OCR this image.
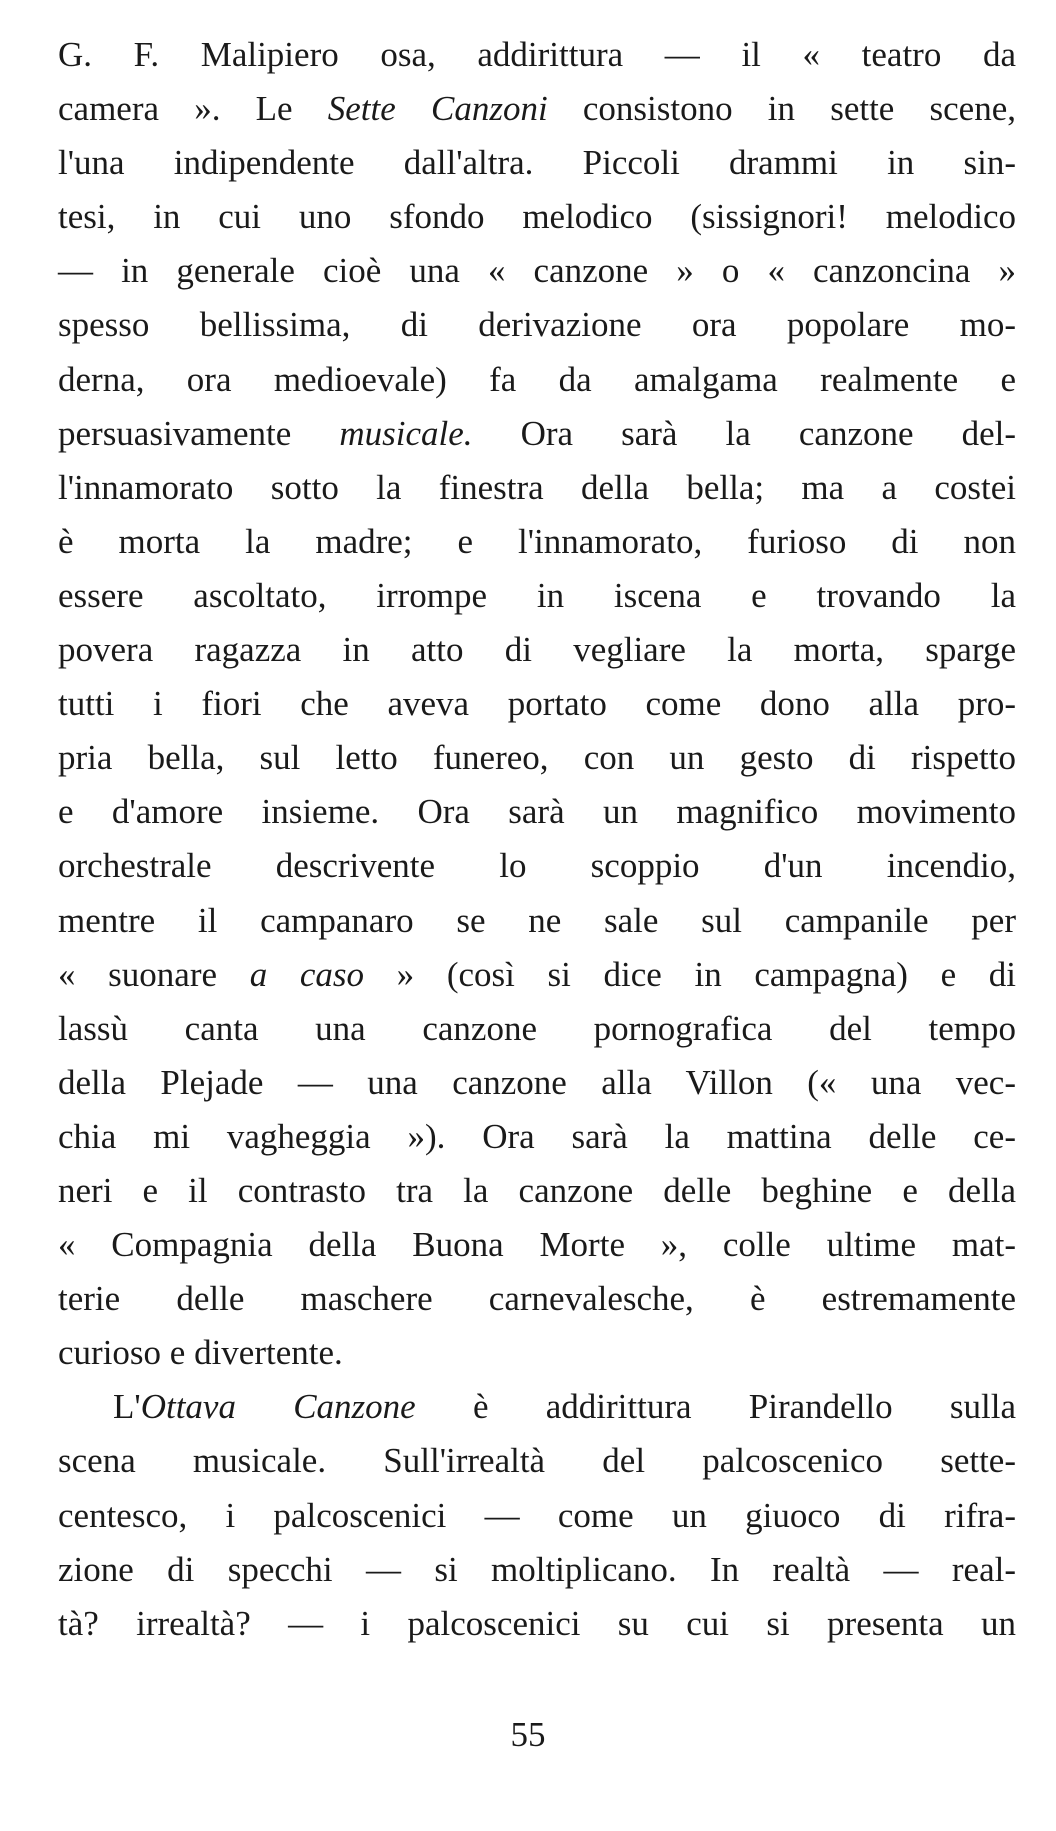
G. F. Malipiero osa, addirittura — il « teatro da
camera ». Le Sette Canzoni consistono in sette scene,
l'una indipendente dall'altra. Piccoli drammi in sin-
tesi, in cui uno sfondo melodico (sissignori! melodico
— in generale cioè una « canzone » o « canzoncina »
spesso bellissima, di derivazione ora popolare mo-
derna, ora medioevale) fa da amalgama realmente e
persuasivamente musicale. Ora sarà la canzone del-
l'innamorato sotto la finestra della bella; ma a costei
è morta la madre; e l'innamorato, furioso di non
essere ascoltato, irrompe in iscena e trovando la
povera ragazza in atto di vegliare la morta, sparge
tutti i fiori che aveva portato come dono alla pro-
pria bella, sul letto funereo, con un gesto di rispetto
e d'amore insieme. Ora sarà un magnifico movimento
orchestrale descrivente lo scoppio d'un incendio,
mentre il campanaro se ne sale sul campanile per
« suonare a caso » (così si dice in campagna) e di
lassù canta una canzone pornografica del tempo
della Plejade — una canzone alla Villon (« una vec-
chia mi vagheggia »). Ora sarà la mattina delle ce-
neri e il contrasto tra la canzone delle beghine e della
« Compagnia della Buona Morte », colle ultime mat-
terie delle maschere carnevalesche, è estremamente
curioso e divertente.
L'Ottava Canzone è addirittura Pirandello sulla
scena musicale. Sull'irrealtà del palcoscenico sette-
centesco, i palcoscenici — come un giuoco di rifra-
zione di specchi — si moltiplicano. In realtà — real-
tà? irrealtà? — i palcoscenici su cui si presenta un
55
